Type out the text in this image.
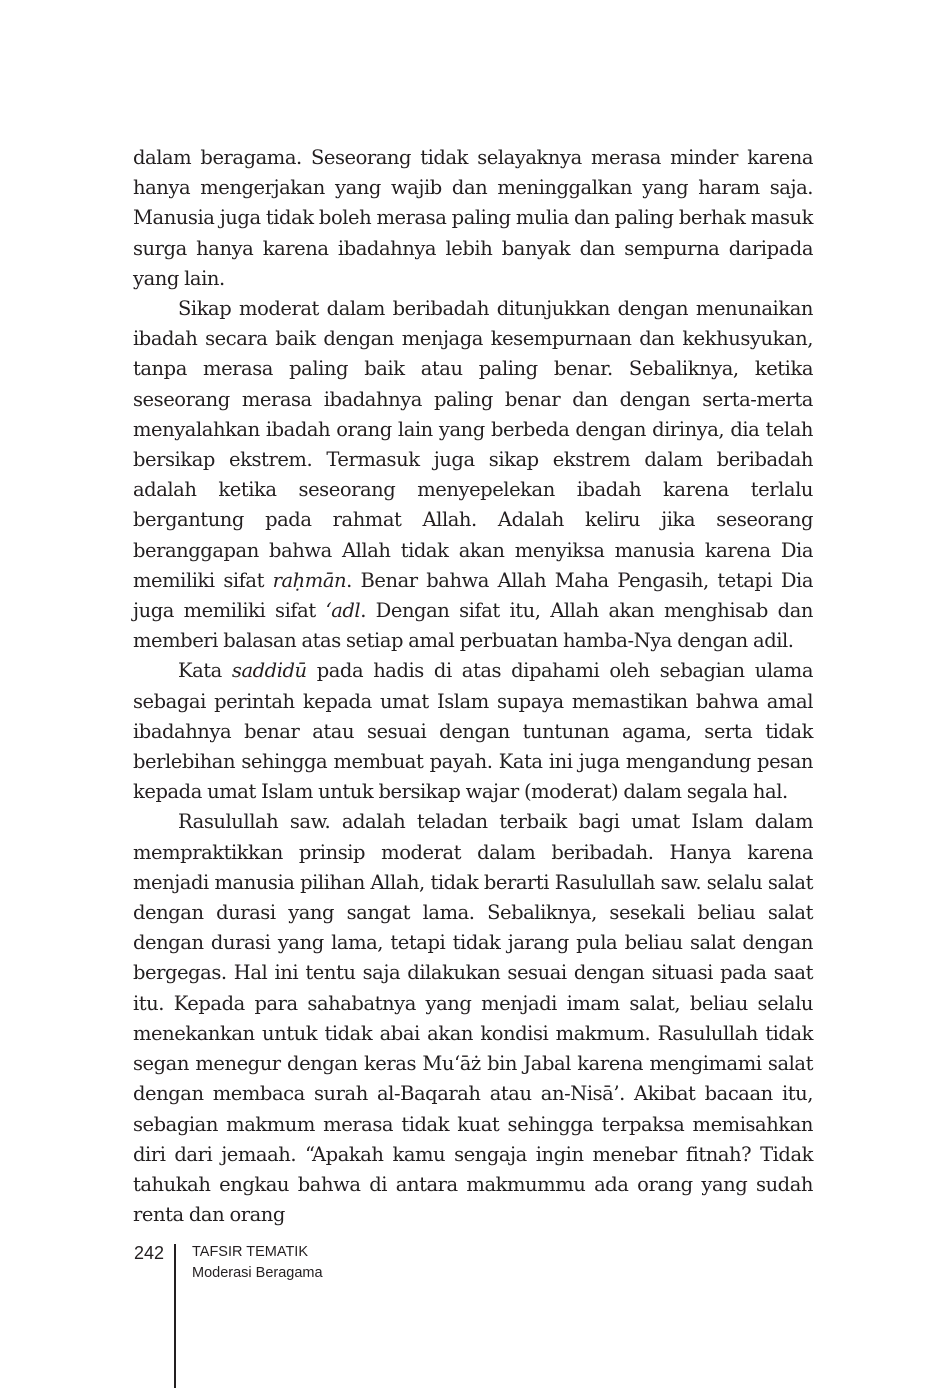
dalam beragama. Seseorang tidak selayaknya merasa minder karena hanya mengerjakan yang wajib dan meninggalkan yang haram saja. Manusia juga tidak boleh merasa paling mulia dan paling berhak masuk surga hanya karena ibadahnya lebih banyak dan sempurna daripada yang lain.

Sikap moderat dalam beribadah ditunjukkan dengan menunaikan ibadah secara baik dengan menjaga kesempurnaan dan kekhusyukan, tanpa merasa paling baik atau paling benar. Sebaliknya, ketika seseorang merasa ibadahnya paling benar dan dengan serta-merta menyalahkan ibadah orang lain yang berbeda dengan dirinya, dia telah bersikap ekstrem. Termasuk juga sikap ekstrem dalam beribadah adalah ketika seseorang menyepelekan ibadah karena terlalu bergantung pada rahmat Allah. Adalah keliru jika seseorang beranggapan bahwa Allah tidak akan menyiksa manusia karena Dia memiliki sifat raḥmān. Benar bahwa Allah Maha Pengasih, tetapi Dia juga memiliki sifat ‘adl. Dengan sifat itu, Allah akan menghisab dan memberi balasan atas setiap amal perbuatan hamba-Nya dengan adil.

Kata saddidū pada hadis di atas dipahami oleh sebagian ulama sebagai perintah kepada umat Islam supaya memastikan bahwa amal ibadahnya benar atau sesuai dengan tuntunan agama, serta tidak berlebihan sehingga membuat payah. Kata ini juga mengandung pesan kepada umat Islam untuk bersikap wajar (moderat) dalam segala hal.

Rasulullah saw. adalah teladan terbaik bagi umat Islam dalam mempraktikkan prinsip moderat dalam beribadah. Hanya karena menjadi manusia pilihan Allah, tidak berarti Rasulullah saw. selalu salat dengan durasi yang sangat lama. Sebaliknya, sesekali beliau salat dengan durasi yang lama, tetapi tidak jarang pula beliau salat dengan bergegas. Hal ini tentu saja dilakukan sesuai dengan situasi pada saat itu. Kepada para sahabatnya yang menjadi imam salat, beliau selalu menekankan untuk tidak abai akan kondisi makmum. Rasulullah tidak segan menegur dengan keras Mu‘āż bin Jabal karena mengimami salat dengan membaca surah al-Baqarah atau an-Nisā’. Akibat bacaan itu, sebagian makmum merasa tidak kuat sehingga terpaksa memisahkan diri dari jemaah. “Apakah kamu sengaja ingin menebar fitnah? Tidak tahukah engkau bahwa di antara makmummu ada orang yang sudah renta dan orang

242 TAFSIR TEMATIK
Moderasi Beragama
